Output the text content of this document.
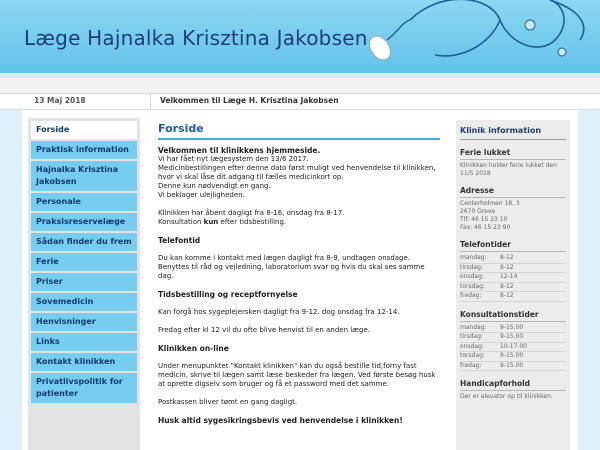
Læge Hajnalka Krisztina Jakobsen
13 Maj 2018	Velkommen til Læge H. Krisztina Jakobsen
Forside
Praktisk information
Hajnalka Krisztina Jakobsen
Personale
Praksisreservelæge
Sådan finder du frem
Ferie
Priser
Sovemedicin
Henvisninger
Links
Kontakt klinikken
Privatlivspolitik for patienter
Forside
Velkommen til klinikkens hjemmeside.
Vi har fået nyt lægesystem den 13/6 2017.
Medicinbestillingen efter denne dato først muligt ved henvendelse til klinikken, hvor vi skal låse dit adgang til fælles medicinkort op.
Denne kun nødvendigt en gang.
Vi beklager ulejligheden.
Klinikken har åbent dagligt fra 8-16, onsdag fra 8-17.
Konsultation kun efter tidsbestilling.
Telefontid
Du kan komme i kontakt med lægen dagligt fra 8-9, undtagen onsdage. Benyttes til råd og vejledning, laboratorium svar og hvis du skal ses samme dag.
Tidsbestilling og receptfornyelse
Kan forgå hos sygeplejersken dagligt fra 9-12. dog onsdag fra 12-14.
Fredag efter kl 12 vil du ofte blive henvist til en anden læge.
Klinikken on-line
Under menupunktet "Kontakt klinikken" kan du også bestille tid,forny fast medicin, skrive til lægen samt læse beskeder fra lægen. Ved første besøg husk at oprette digselv som bruger og få et password med det samme.
Postkassen bliver tømt en gang dagligt.
Husk altid sygesikringsbevis ved henvendelse i klinikken!
Klinik information
Ferie lukket
Klinikken holder ferie lukket den 11/5 2018
Adresse
Centerholmen 18, 3
2670 Greve
Tlf: 46 15 23 10
Fax: 46 15 23 90
Telefontider
mandag:	8-12
tirsdag:	8-12
onsdag:	12-14
torsdag:	8-12
fredag:	8-12
Konsultationstider
mandag:	9-15.00
tirsdag:	9-15.00
onsdag:	10-17.00
torsdag:	9-15.00
fredag:	9-15.00
Handicapforhold
Der er elevator op til klinikken.
